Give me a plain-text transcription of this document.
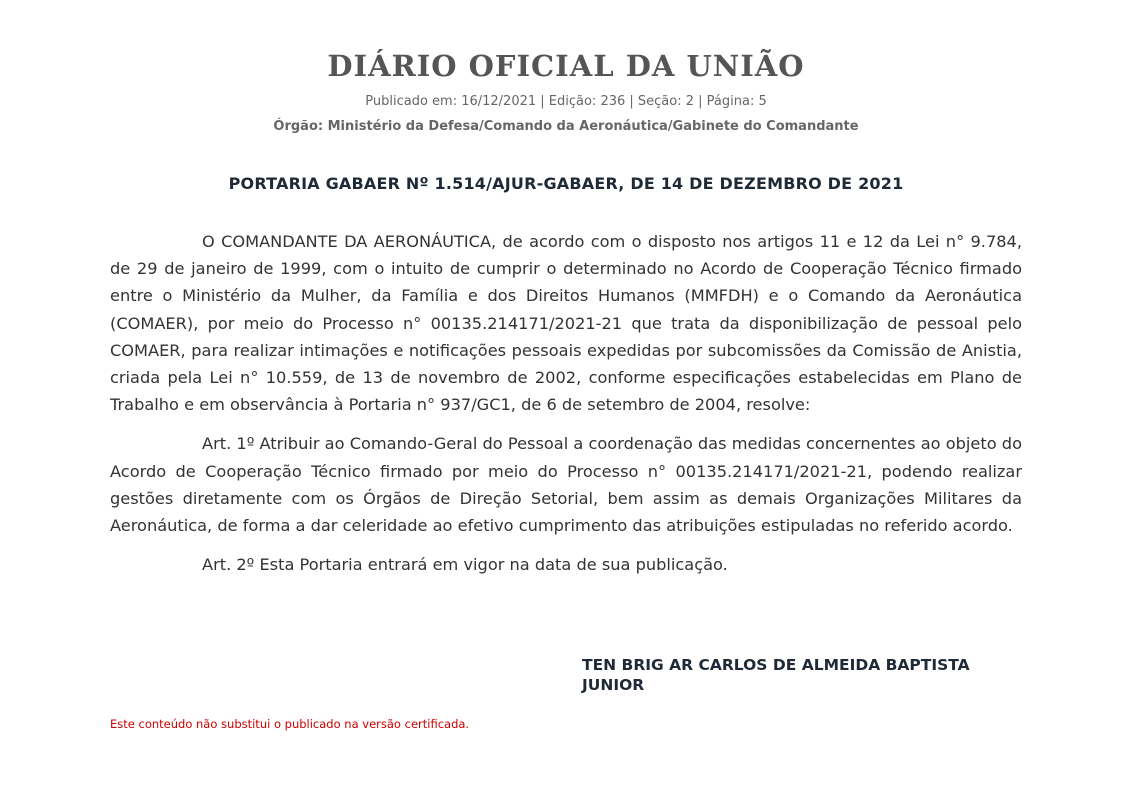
DIÁRIO OFICIAL DA UNIÃO
Publicado em: 16/12/2021 | Edição: 236 | Seção: 2 | Página: 5
Órgão: Ministério da Defesa/Comando da Aeronáutica/Gabinete do Comandante
PORTARIA GABAER Nº 1.514/AJUR-GABAER, DE 14 DE DEZEMBRO DE 2021

O COMANDANTE DA AERONÁUTICA, de acordo com o disposto nos artigos 11 e 12 da Lei n° 9.784, de 29 de janeiro de 1999, com o intuito de cumprir o determinado no Acordo de Cooperação Técnico firmado entre o Ministério da Mulher, da Família e dos Direitos Humanos (MMFDH) e o Comando da Aeronáutica (COMAER), por meio do Processo n° 00135.214171/2021-21 que trata da disponibilização de pessoal pelo COMAER, para realizar intimações e notificações pessoais expedidas por subcomissões da Comissão de Anistia, criada pela Lei n° 10.559, de 13 de novembro de 2002, conforme especificações estabelecidas em Plano de Trabalho e em observância à Portaria n° 937/GC1, de 6 de setembro de 2004, resolve:

Art. 1º Atribuir ao Comando-Geral do Pessoal a coordenação das medidas concernentes ao objeto do Acordo de Cooperação Técnico firmado por meio do Processo n° 00135.214171/2021-21, podendo realizar gestões diretamente com os Órgãos de Direção Setorial, bem assim as demais Organizações Militares da Aeronáutica, de forma a dar celeridade ao efetivo cumprimento das atribuições estipuladas no referido acordo.

Art. 2º Esta Portaria entrará em vigor na data de sua publicação.

TEN BRIG AR CARLOS DE ALMEIDA BAPTISTA JUNIOR
Este conteúdo não substitui o publicado na versão certificada.
